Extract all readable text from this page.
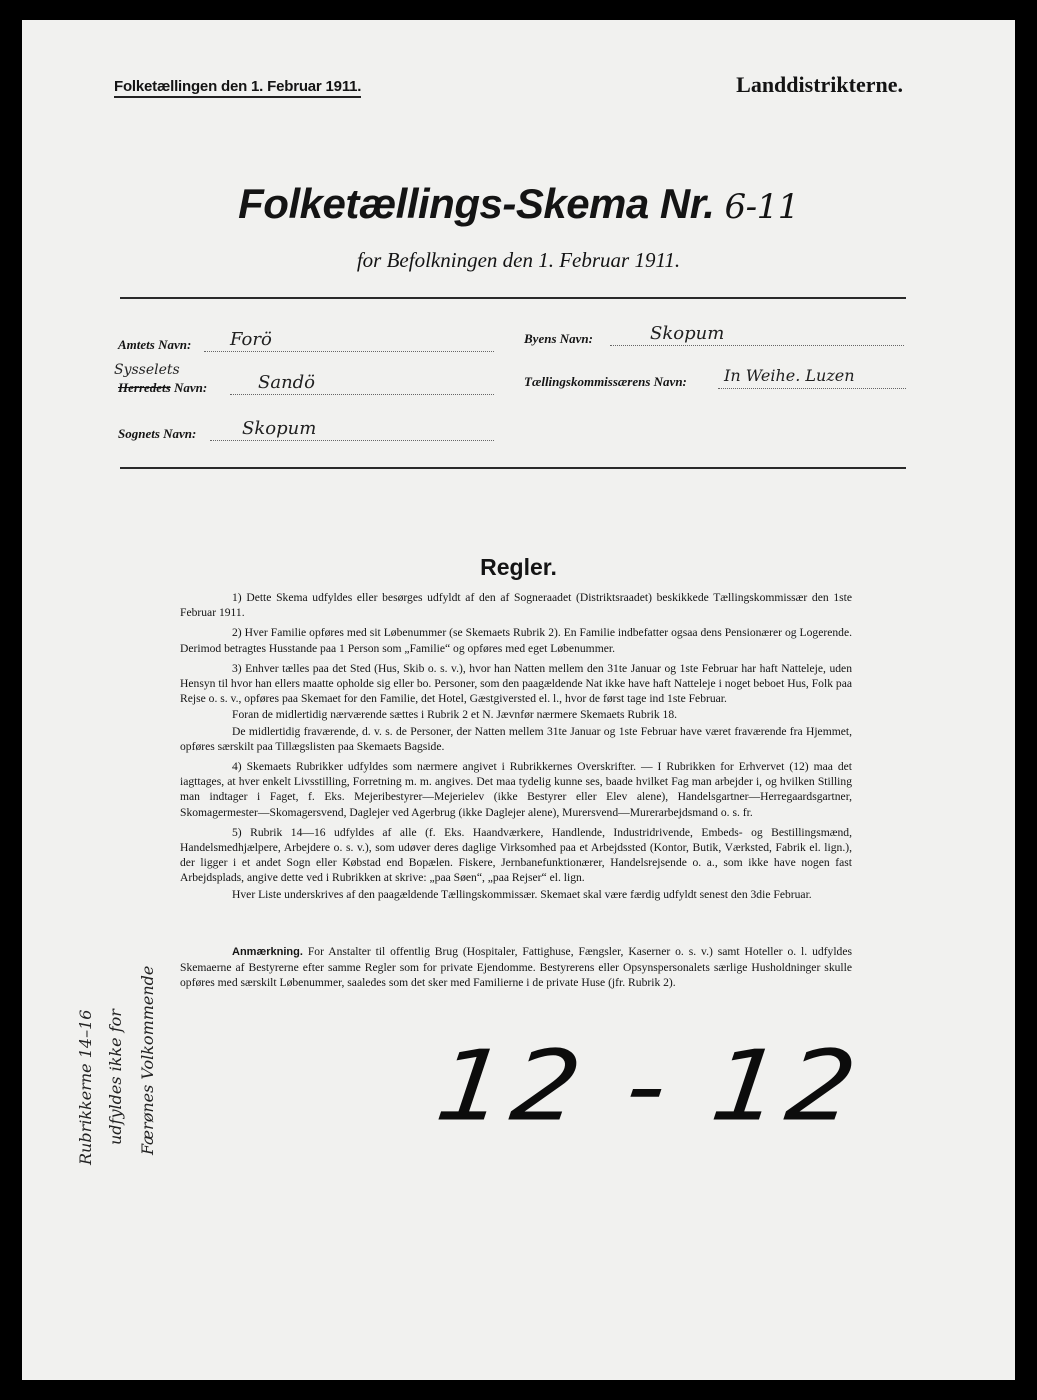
Folketællingen den 1. Februar 1911.	Landdistrikterne.
Folketællings-Skema Nr. 6-11
for Befolkningen den 1. Februar 1911.
Amtets Navn: Forö	Byens Navn:	Skopum
Sysselets
Herredets Navn:	Sandö	Tællingskommissærens Navn: In Weihe. Luzen
Sognets Navn:	Skopum
Regler.

1) Dette Skema udfyldes eller besørges udfyldt af den af Sogneraadet (Distriktsraadet) beskikkede Tællingskommissær den 1ste Februar 1911.

2) Hver Familie opføres med sit Løbenummer (se Skemaets Rubrik 2). En Familie indbefatter ogsaa dens Pensionærer og Logerende. Derimod betragtes Husstande paa 1 Person som „Familie“ og opføres med eget Løbenummer.

3) Enhver tælles paa det Sted (Hus, Skib o. s. v.), hvor han Natten mellem den 31te Januar og 1ste Februar har haft Natteleje, uden Hensyn til hvor han ellers maatte opholde sig eller bo. Personer, som den paagældende Nat ikke have haft Natteleje i noget beboet Hus, Folk paa Rejse o. s. v., opføres paa Skemaet for den Familie, det Hotel, Gæstgiversted el. l., hvor de først tage ind 1ste Februar.

Foran de midlertidig nærværende sættes i Rubrik 2 et N. Jævnfør nærmere Skemaets Rubrik 18.

De midlertidig fraværende, d. v. s. de Personer, der Natten mellem 31te Januar og 1ste Februar have været fraværende fra Hjemmet, opføres særskilt paa Tillægslisten paa Skemaets Bagside.

4) Skemaets Rubrikker udfyldes som nærmere angivet i Rubrikkernes Overskrifter. — I Rubrikken for Erhvervet (12) maa det iagttages, at hver enkelt Livsstilling, Forretning m. m. angives. Det maa tydelig kunne ses, baade hvilket Fag man arbejder i, og hvilken Stilling man indtager i Faget, f. Eks. Mejeribestyrer—Mejerielev (ikke Bestyrer eller Elev alene), Handelsgartner—Herregaardsgartner, Skomagermester—Skomagersvend, Daglejer ved Agerbrug (ikke Daglejer alene), Murersvend—Murerarbejdsmand o. s. fr.

5) Rubrik 14—16 udfyldes af alle (f. Eks. Haandværkere, Handlende, Industridrivende, Embeds- og Bestillingsmænd, Handelsmedhjælpere, Arbejdere o. s. v.), som udøver deres daglige Virksomhed paa et Arbejdssted (Kontor, Butik, Værksted, Fabrik el. lign.), der ligger i et andet Sogn eller Købstad end Bopælen. Fiskere, Jernbanefunktionærer, Handelsrejsende o. a., som ikke have nogen fast Arbejdsplads, angive dette ved i Rubrikken at skrive: „paa Søen“, „paa Rejser“ el. lign.

Hver Liste underskrives af den paagældende Tællingskommissær. Skemaet skal være færdig udfyldt senest den 3die Februar.

Anmærkning. For Anstalter til offentlig Brug (Hospitaler, Fattighuse, Fængsler, Kaserner o. s. v.) samt Hoteller o. l. udfyldes Skemaerne af Bestyrerne efter samme Regler som for private Ejendomme. Bestyrerens eller Opsynspersonalets særlige Husholdninger skulle opføres med særskilt Løbenummer, saaledes som det sker med Familierne i de private Huse (jfr. Rubrik 2).

Rubrikkerne 14–16 udfyldes ikke for Færønes Volkommende	12 - 12
